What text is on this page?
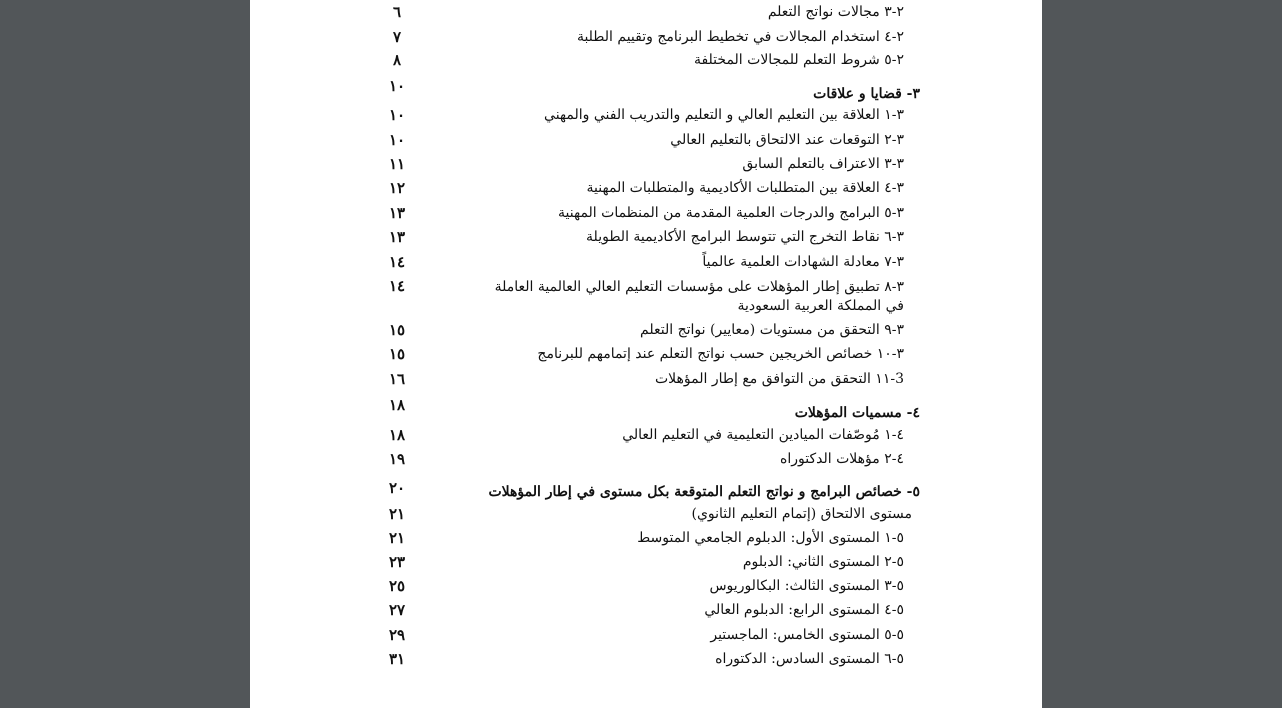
٢-٣ مجالات نواتج التعلم
٦
٢-٤ استخدام المجالات في تخطيط البرنامج وتقييم الطلبة
٧
٢-٥ شروط التعلم للمجالات المختلفة
٨
٣- قضايا و علاقات
١٠
٣-١ العلاقة بين التعليم العالي و التعليم والتدريب الفني والمهني
١٠
٣-٢ التوقعات عند الالتحاق بالتعليم العالي
١٠
٣-٣ الاعتراف بالتعلم السابق
١١
٣-٤ العلاقة بين المتطلبات الأكاديمية والمتطلبات المهنية
١٢
٣-٥ البرامج والدرجات العلمية المقدمة من المنظمات المهنية
١٣
٣-٦ نقاط التخرج التي تتوسط البرامج الأكاديمية الطويلة
١٣
٣-٧ معادلة الشهادات العلمية عالمياً
١٤
٣-٨ تطبيق إطار المؤهلات على مؤسسات التعليم العالي العالمية العاملة في المملكة العربية السعودية
١٤
٣-٩ التحقق من مستويات (معايير) نواتج التعلم
١٥
٣-١٠ خصائص الخريجين حسب نواتج التعلم عند إتمامهم للبرنامج
١٥
3-١١ التحقق من التوافق مع إطار المؤهلات
١٦
٤- مسميات المؤهلات
١٨
٤-١ مُوصّفات الميادين التعليمية في التعليم العالي
١٨
٤-٢ مؤهلات الدكتوراه
١٩
٥- خصائص البرامج و نواتج التعلم المتوقعة بكل مستوى في إطار المؤهلات
٢٠
مستوى الالتحاق (إتمام التعليم الثانوي)
٢١
٥-١ المستوى الأول: الدبلوم الجامعي المتوسط
٢١
٥-٢ المستوى الثاني: الدبلوم
٢٣
٥-٣ المستوى الثالث: البكالوريوس
٢٥
٥-٤ المستوى الرابع: الدبلوم العالي
٢٧
٥-٥ المستوى الخامس: الماجستير
٢٩
٥-٦ المستوى السادس: الدكتوراه
٣١
